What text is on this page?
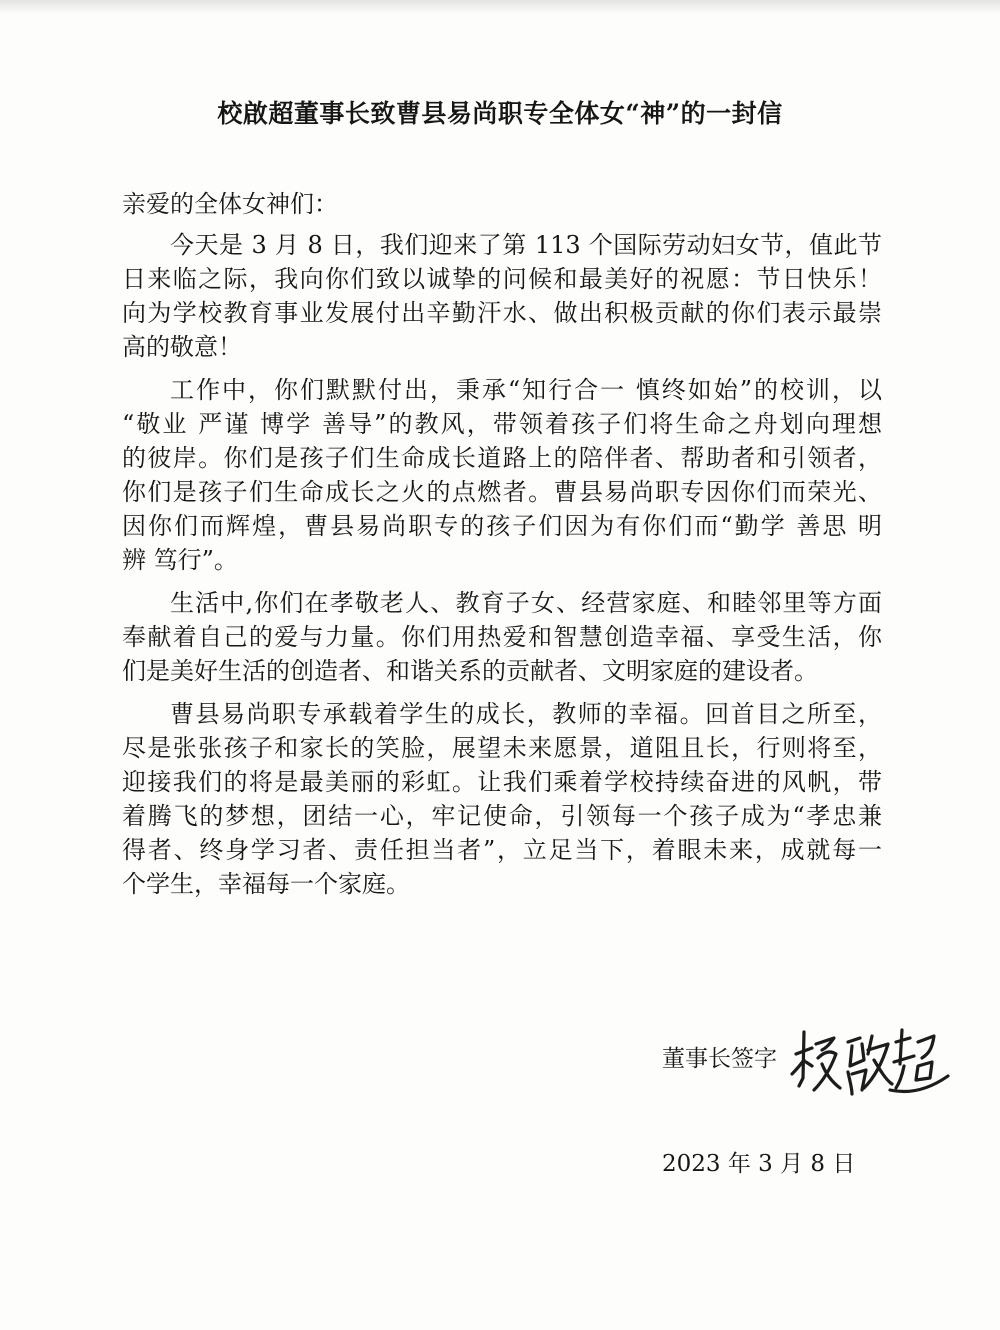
校啟超董事长致曹县易尚职专全体女“神”的一封信
亲爱的全体女神们：
今天是 3 月 8 日，我们迎来了第 113 个国际劳动妇女节，值此节
日来临之际，我向你们致以诚挚的问候和最美好的祝愿：节日快乐！
向为学校教育事业发展付出辛勤汗水、做出积极贡献的你们表示最崇
高的敬意！
工作中，你们默默付出，秉承“知行合一 慎终如始”的校训，以
“敬业 严谨 博学 善导”的教风，带领着孩子们将生命之舟划向理想
的彼岸。你们是孩子们生命成长道路上的陪伴者、帮助者和引领者，
你们是孩子们生命成长之火的点燃者。曹县易尚职专因你们而荣光、
因你们而辉煌，曹县易尚职专的孩子们因为有你们而“勤学 善思 明
辨 笃行”。
生活中,你们在孝敬老人、教育子女、经营家庭、和睦邻里等方面
奉献着自己的爱与力量。你们用热爱和智慧创造幸福、享受生活，你
们是美好生活的创造者、和谐关系的贡献者、文明家庭的建设者。
曹县易尚职专承载着学生的成长，教师的幸福。回首目之所至，
尽是张张孩子和家长的笑脸，展望未来愿景，道阻且长，行则将至，
迎接我们的将是最美丽的彩虹。让我们乘着学校持续奋进的风帆，带
着腾飞的梦想，团结一心，牢记使命，引领每一个孩子成为“孝忠兼
得者、终身学习者、责任担当者”，立足当下，着眼未来，成就每一
个学生，幸福每一个家庭。
董事长签字
2023 年 3 月 8 日
